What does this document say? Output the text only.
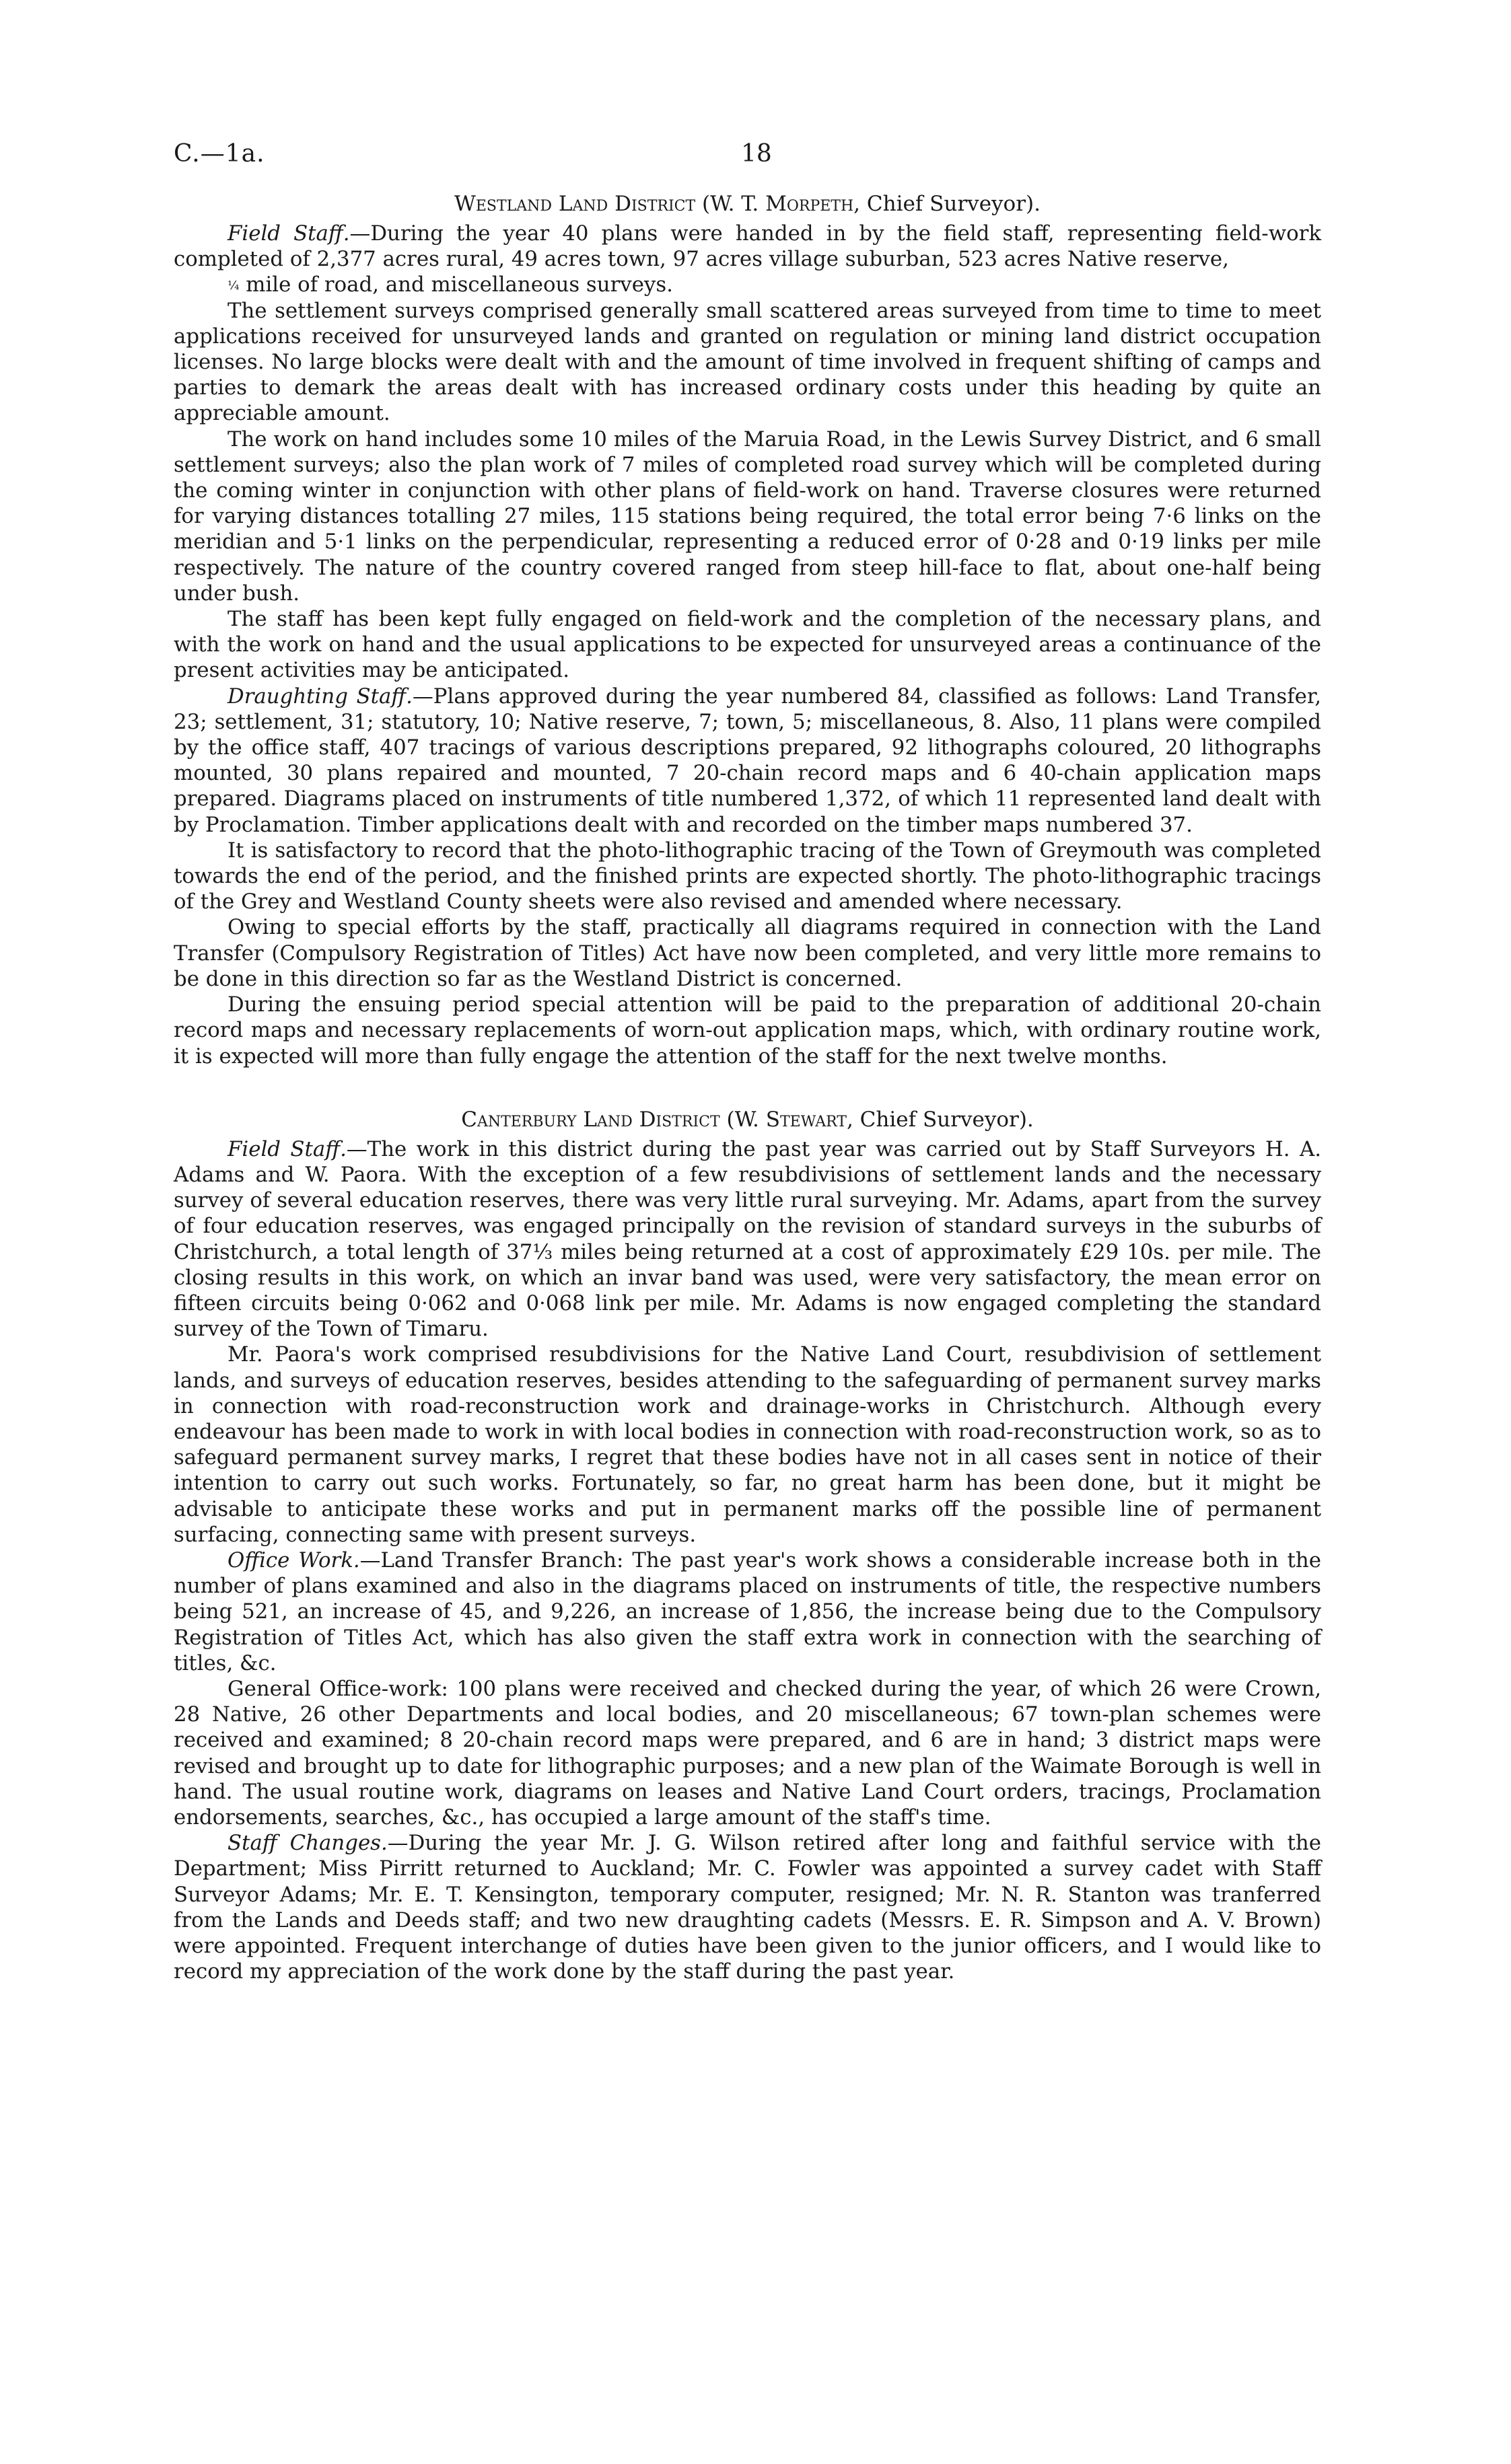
C.—1a.	18
Westland Land District (W. T. Morpeth, Chief Surveyor).

Field Staff.—During the year 40 plans were handed in by the field staff, representing field-work completed of 2,377 acres rural, 49 acres town, 97 acres village suburban, 523 acres Native reserve,
¼ mile of road, and miscellaneous surveys.

The settlement surveys comprised generally small scattered areas surveyed from time to time to meet applications received for unsurveyed lands and granted on regulation or mining land district occupation licenses. No large blocks were dealt with and the amount of time involved in frequent shifting of camps and parties to demark the areas dealt with has increased ordinary costs under this heading by quite an appreciable amount.

The work on hand includes some 10 miles of the Maruia Road, in the Lewis Survey District, and 6 small settlement surveys; also the plan work of 7 miles of completed road survey which will be completed during the coming winter in conjunction with other plans of field-work on hand. Traverse closures were returned for varying distances totalling 27 miles, 115 stations being required, the total error being 7·6 links on the meridian and 5·1 links on the perpendicular, representing a reduced error of 0·28 and 0·19 links per mile respectively. The nature of the country covered ranged from steep hill-face to flat, about one-half being under bush.

The staff has been kept fully engaged on field-work and the completion of the necessary plans, and with the work on hand and the usual applications to be expected for unsurveyed areas a continuance of the present activities may be anticipated.

Draughting Staff.—Plans approved during the year numbered 84, classified as follows: Land Transfer, 23; settlement, 31; statutory, 10; Native reserve, 7; town, 5; miscellaneous, 8. Also, 11 plans were compiled by the office staff, 407 tracings of various descriptions prepared, 92 lithographs coloured, 20 lithographs mounted, 30 plans repaired and mounted, 7 20-chain record maps and 6 40-chain application maps prepared. Diagrams placed on instruments of title numbered 1,372, of which 11 represented land dealt with by Proclamation. Timber applications dealt with and recorded on the timber maps numbered 37.

It is satisfactory to record that the photo-lithographic tracing of the Town of Greymouth was completed towards the end of the period, and the finished prints are expected shortly. The photo-lithographic tracings of the Grey and Westland County sheets were also revised and amended where necessary.

Owing to special efforts by the staff, practically all diagrams required in connection with the Land Transfer (Compulsory Registration of Titles) Act have now been completed, and very little more remains to be done in this direction so far as the Westland District is concerned.

During the ensuing period special attention will be paid to the preparation of additional 20-chain record maps and necessary replacements of worn-out application maps, which, with ordinary routine work, it is expected will more than fully engage the attention of the staff for the next twelve months.

Canterbury Land District (W. Stewart, Chief Surveyor).

Field Staff.—The work in this district during the past year was carried out by Staff Surveyors H. A. Adams and W. Paora. With the exception of a few resubdivisions of settlement lands and the necessary survey of several education reserves, there was very little rural surveying. Mr. Adams, apart from the survey of four education reserves, was engaged principally on the revision of standard surveys in the suburbs of Christchurch, a total length of 37⅓ miles being returned at a cost of approximately £29 10s. per mile. The closing results in this work, on which an invar band was used, were very satisfactory, the mean error on fifteen circuits being 0·062 and 0·068 link per mile. Mr. Adams is now engaged completing the standard survey of the Town of Timaru.

Mr. Paora's work comprised resubdivisions for the Native Land Court, resubdivision of settlement lands, and surveys of education reserves, besides attending to the safeguarding of permanent survey marks in connection with road-reconstruction work and drainage-works in Christchurch. Although every endeavour has been made to work in with local bodies in connection with road-reconstruction work, so as to safeguard permanent survey marks, I regret that these bodies have not in all cases sent in notice of their intention to carry out such works. Fortunately, so far, no great harm has been done, but it might be advisable to anticipate these works and put in permanent marks off the possible line of permanent surfacing, connecting same with present surveys.

Office Work.—Land Transfer Branch: The past year's work shows a considerable increase both in the number of plans examined and also in the diagrams placed on instruments of title, the respective numbers being 521, an increase of 45, and 9,226, an increase of 1,856, the increase being due to the Compulsory Registration of Titles Act, which has also given the staff extra work in connection with the searching of titles, &c.

General Office-work: 100 plans were received and checked during the year, of which 26 were Crown, 28 Native, 26 other Departments and local bodies, and 20 miscellaneous; 67 town-plan schemes were received and examined; 8 20-chain record maps were prepared, and 6 are in hand; 3 district maps were revised and brought up to date for lithographic purposes; and a new plan of the Waimate Borough is well in hand. The usual routine work, diagrams on leases and Native Land Court orders, tracings, Proclamation endorsements, searches, &c., has occupied a large amount of the staff's time.

Staff Changes.—During the year Mr. J. G. Wilson retired after long and faithful service with the Department; Miss Pirritt returned to Auckland; Mr. C. Fowler was appointed a survey cadet with Staff Surveyor Adams; Mr. E. T. Kensington, temporary computer, resigned; Mr. N. R. Stanton was tranferred from the Lands and Deeds staff; and two new draughting cadets (Messrs. E. R. Simpson and A. V. Brown) were appointed. Frequent interchange of duties have been given to the junior officers, and I would like to record my appreciation of the work done by the staff during the past year.
